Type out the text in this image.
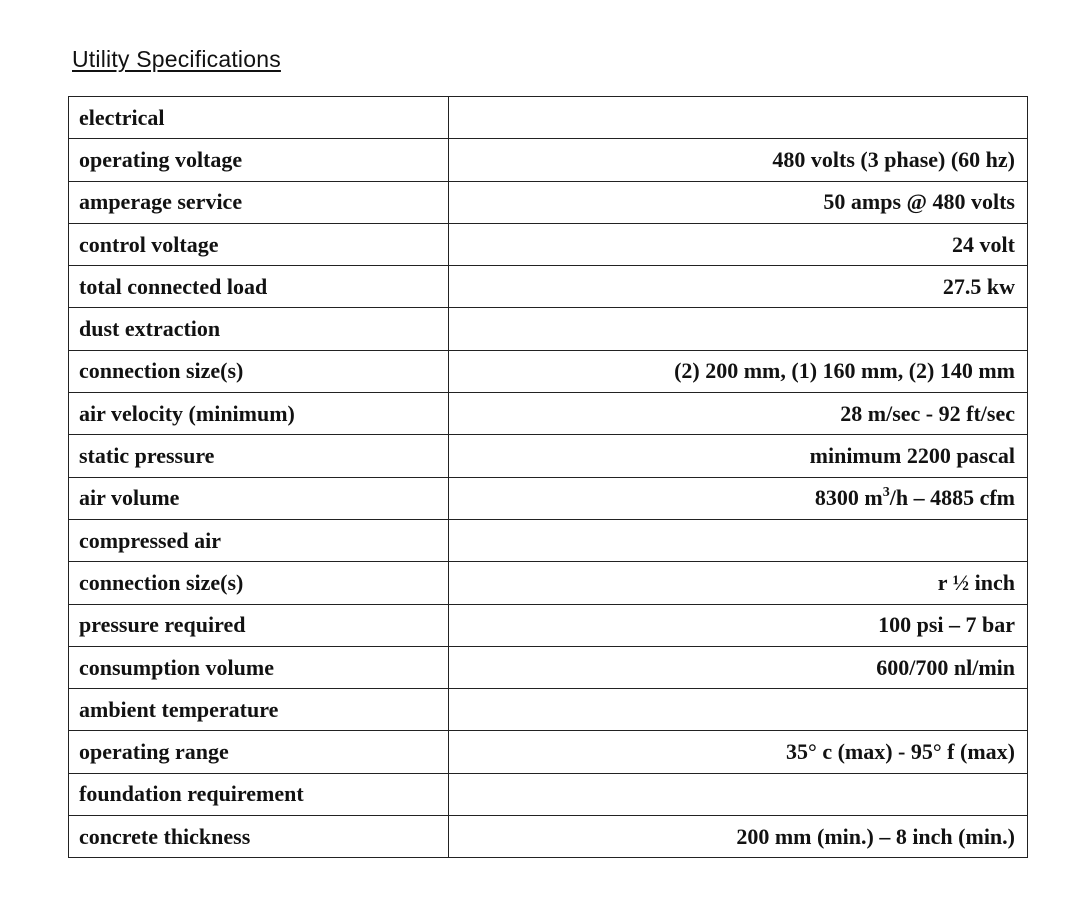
Utility Specifications
electrical	
operating voltage	480 volts (3 phase) (60 hz)
amperage service	50 amps @ 480 volts
control voltage	24 volt
total connected load	27.5 kw
dust extraction	
connection size(s)	(2) 200 mm, (1) 160 mm, (2) 140 mm
air velocity (minimum)	28 m/sec - 92 ft/sec
static pressure	minimum 2200 pascal
air volume	8300 $m^3/h - 4885$ cfm
compressed air	
connection size(s)	r ½ inch
pressure required	100 psi – 7 bar
consumption volume	600/700 nl/min
ambient temperature	
operating range	35° c (max) - 95° f (max)
foundation requirement	
concrete thickness	200 mm (min.) – 8 inch (min.)
